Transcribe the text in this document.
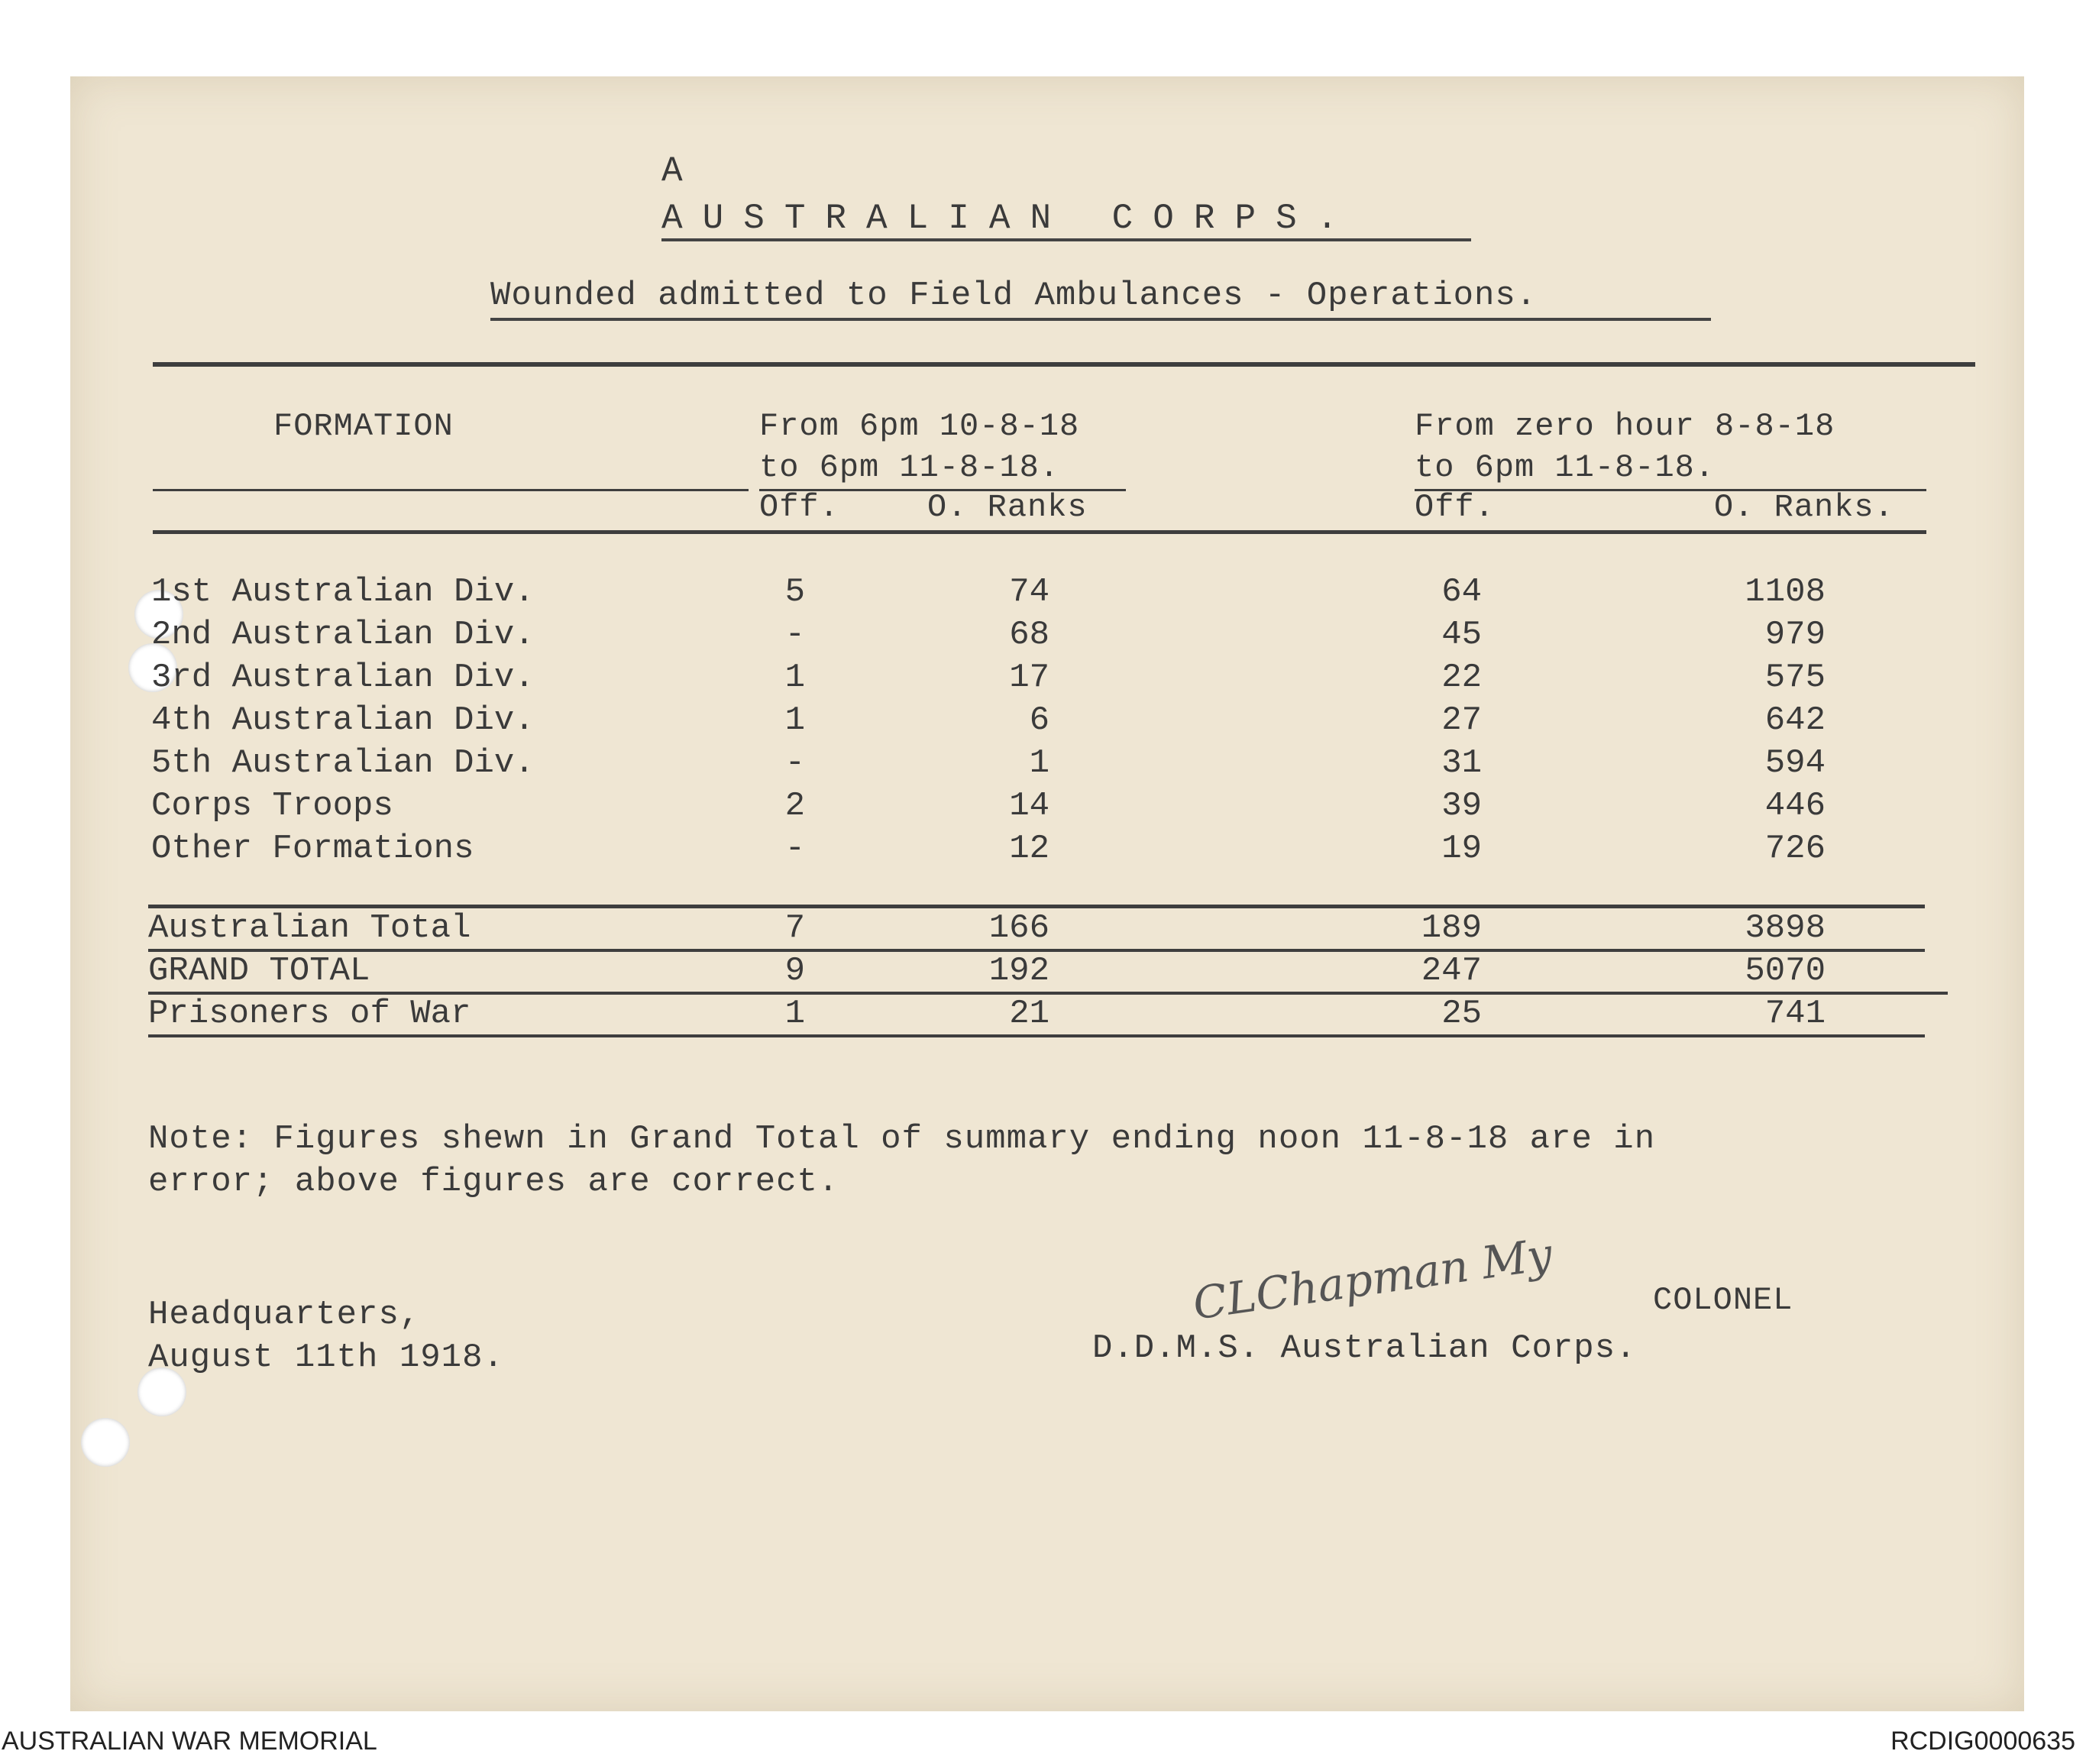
A
AUSTRALIAN CORPS.
Wounded admitted to Field Ambulances - Operations.
FORMATION	From 6pm 10-8-18
to 6pm 11-8-18.
From zero hour 8-8-18
to 6pm 11-8-18.
Off.	O. Ranks	Off.	O. Ranks.
1st Australian Div.	5	74	64	1108
2nd Australian Div.	-	68	45	979
3rd Australian Div.	1	17	22	575
4th Australian Div.	1	6	27	642
5th Australian Div.	-	1	31	594
Corps Troops	2	14	39	446
Other Formations	-	12	19	726
Australian Total	7	166	189	3898
GRAND TOTAL	9	192	247	5070
Prisoners of War	1	21	25	741
Note: Figures shewn in Grand Total of summary ending noon 11-8-18 are in
error; above figures are correct.
Headquarters,
August 11th 1918.
CLChapman My	COLONEL
D.D.M.S. Australian Corps.
AUSTRALIAN WAR MEMORIAL	RCDIG0000635
